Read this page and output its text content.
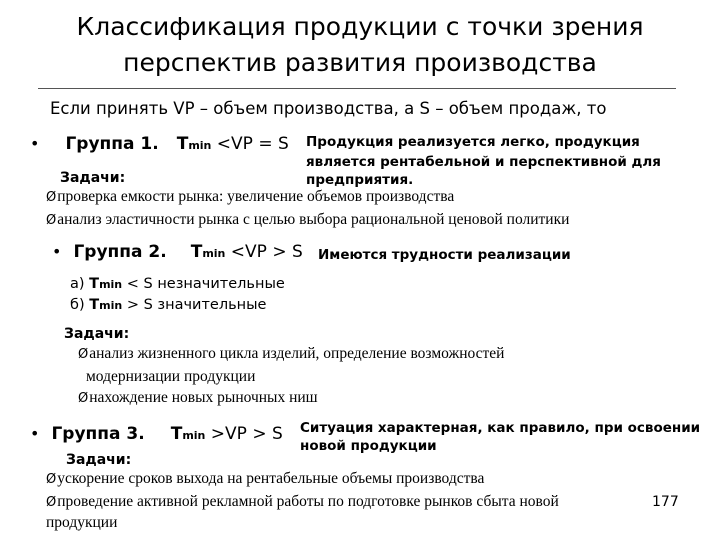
Классификация продукции с точки зрения
перспектив развития производства
Если принять VP – объем производства, а S – объем продаж, то
• Группа 1. Tmin <VP = S Продукция реализуется легко, продукция
является рентабельной и перспективной для
предприятия.
Задачи:
Øпроверка емкости рынка: увеличение объемов производства
Øанализ эластичности рынка с целью выбора рациональной ценовой политики
• Группа 2. Tmin <VP > S Имеются трудности реализации
а) Tmin < S незначительные
б) Tmin > S значительные
Задачи:
Øанализ жизненного цикла изделий, определение возможностей
модернизации продукции
Øнахождение новых рыночных ниш
• Группа 3. Tmin >VP > S Ситуация характерная, как правило, при освоении
новой продукции
Задачи:
Øускорение сроков выхода на рентабельные объемы производства
Øпроведение активной рекламной работы по подготовке рынков сбыта новой
продукции
177
